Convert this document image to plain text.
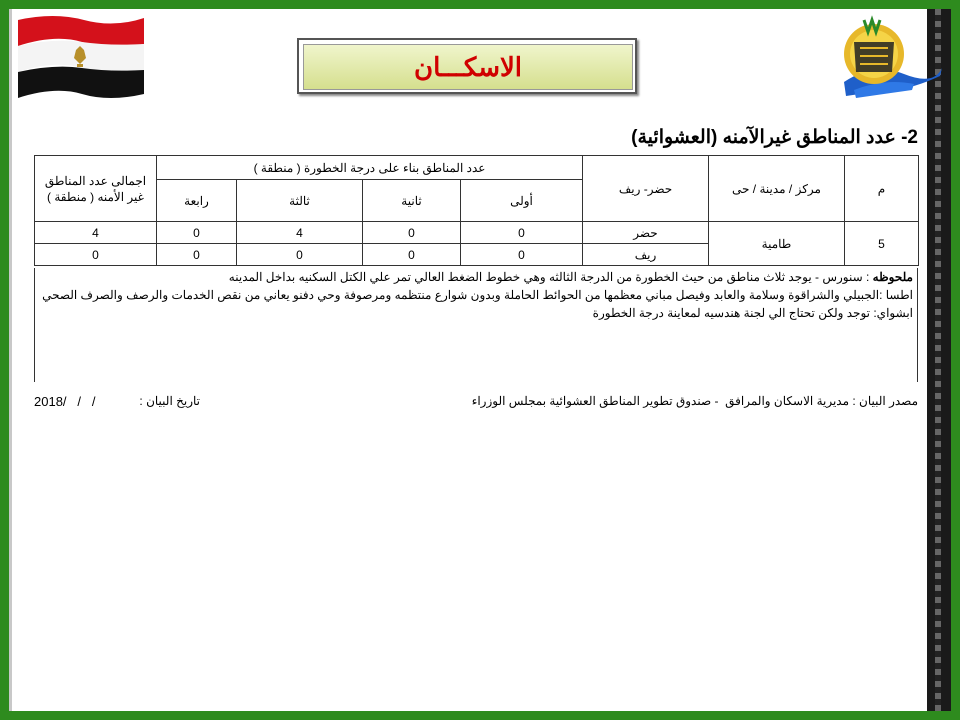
الاسكـــان
2- عدد المناطق غيرالآمنه (العشوائية)
م	مركز / مدينة / حى	حضر- ريف	عدد المناطق بناء على درجة الخطورة ( منطقة )				اجمالى عدد المناطق غير الأمنه ( منطقة )
			أولى	ثانية	ثالثة	رابعة	
5	طامية	حضر	0	0	4	0	4
		ريف	0	0	0	0	0
ملحوظه : سنورس - يوجد ثلاث مناطق من حيث الخطورة من الدرجة الثالثه وهي خطوط الضغط العالي تمر علي الكتل السكنيه بداخل المدينه
اطسا :الجبيلي والشراقوة وسلامة والعابد وفيصل مباني معظمها من الحوائط الحاملة وبدون شوارع منتظمه ومرصوفة وحي دفنو يعاني من نقص الخدمات والرصف والصرف الصحي
ابشواي: توجد ولكن تحتاج الي لجنة هندسيه لمعاينة درجة الخطورة
مصدر البيان : مديرية الاسكان والمرافق  - صندوق تطوير المناطق العشوائية بمجلس الوزراء
تاريخ البيان :
2018/   /   /
